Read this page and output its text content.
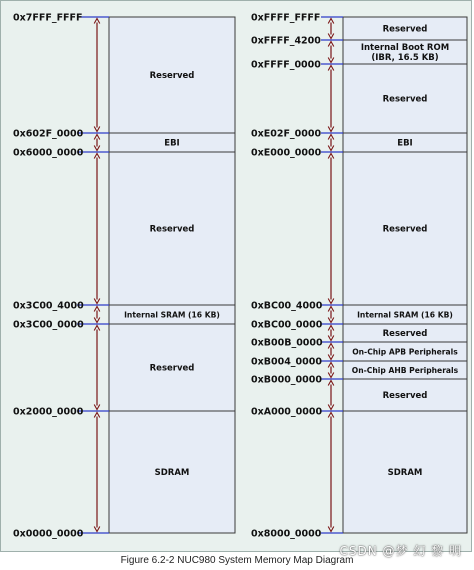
Reserved
EBI
Reserved
Internal SRAM (16 KB)
Reserved
SDRAM
0x7FFF_FFFF
0x602F_0000
0x6000_0000
0x3C00_4000
0x3C00_0000
0x2000_0000
0x0000_0000
Reserved
Internal Boot ROM
(IBR, 16.5 KB)
Reserved
EBI
Reserved
Internal SRAM (16 KB)
Reserved
On-Chip APB Peripherals
On-Chip AHB Peripherals
Reserved
SDRAM
0xFFFF_FFFF
0xFFFF_4200
0xFFFF_0000
0xE02F_0000
0xE000_0000
0xBC00_4000
0xBC00_0000
0xB00B_0000
0xB004_0000
0xB000_0000
0xA000_0000
0x8000_0000
Figure 6.2-2 NUC980 System Memory Map Diagram
CSDN @梦 幻 黎 明
